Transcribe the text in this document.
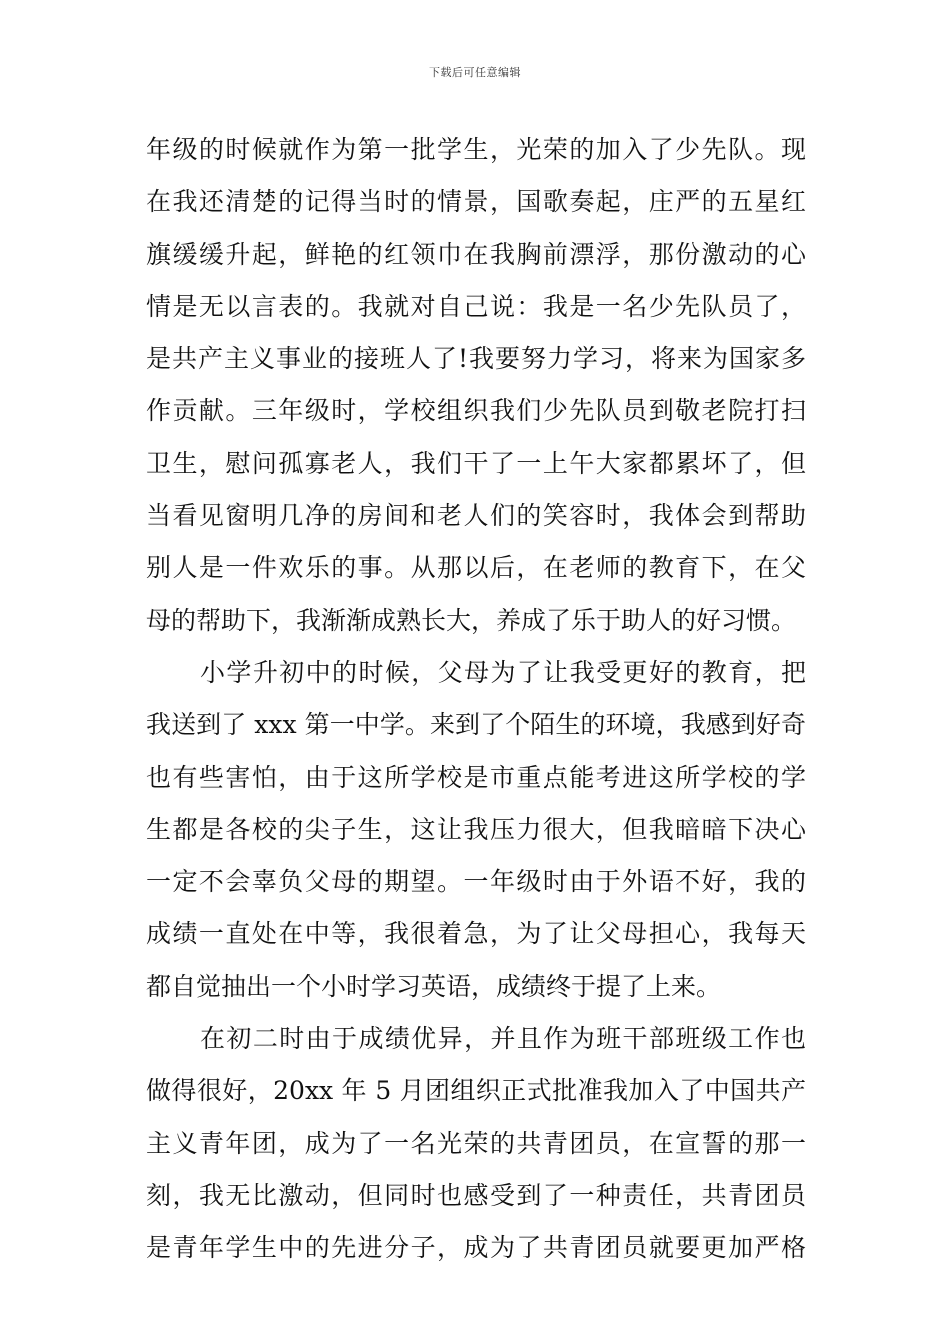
下载后可任意编辑
年级的时候就作为第一批学生，光荣的加入了少先队。现
在我还清楚的记得当时的情景，国歌奏起，庄严的五星红
旗缓缓升起，鲜艳的红领巾在我胸前漂浮，那份激动的心
情是无以言表的。我就对自己说：我是一名少先队员了，
是共产主义事业的接班人了!我要努力学习，将来为国家多
作贡献。三年级时，学校组织我们少先队员到敬老院打扫
卫生，慰问孤寡老人，我们干了一上午大家都累坏了，但
当看见窗明几净的房间和老人们的笑容时，我体会到帮助
别人是一件欢乐的事。从那以后，在老师的教育下，在父
母的帮助下，我渐渐成熟长大，养成了乐于助人的好习惯。
小学升初中的时候，父母为了让我受更好的教育，把
我送到了 xxx 第一中学。来到了个陌生的环境，我感到好奇
也有些害怕，由于这所学校是市重点能考进这所学校的学
生都是各校的尖子生，这让我压力很大，但我暗暗下决心
一定不会辜负父母的期望。一年级时由于外语不好，我的
成绩一直处在中等，我很着急，为了让父母担心，我每天
都自觉抽出一个小时学习英语，成绩终于提了上来。
在初二时由于成绩优异，并且作为班干部班级工作也
做得很好，20xx 年 5 月团组织正式批准我加入了中国共产
主义青年团，成为了一名光荣的共青团员，在宣誓的那一
刻，我无比激动，但同时也感受到了一种责任，共青团员
是青年学生中的先进分子，成为了共青团员就要更加严格
